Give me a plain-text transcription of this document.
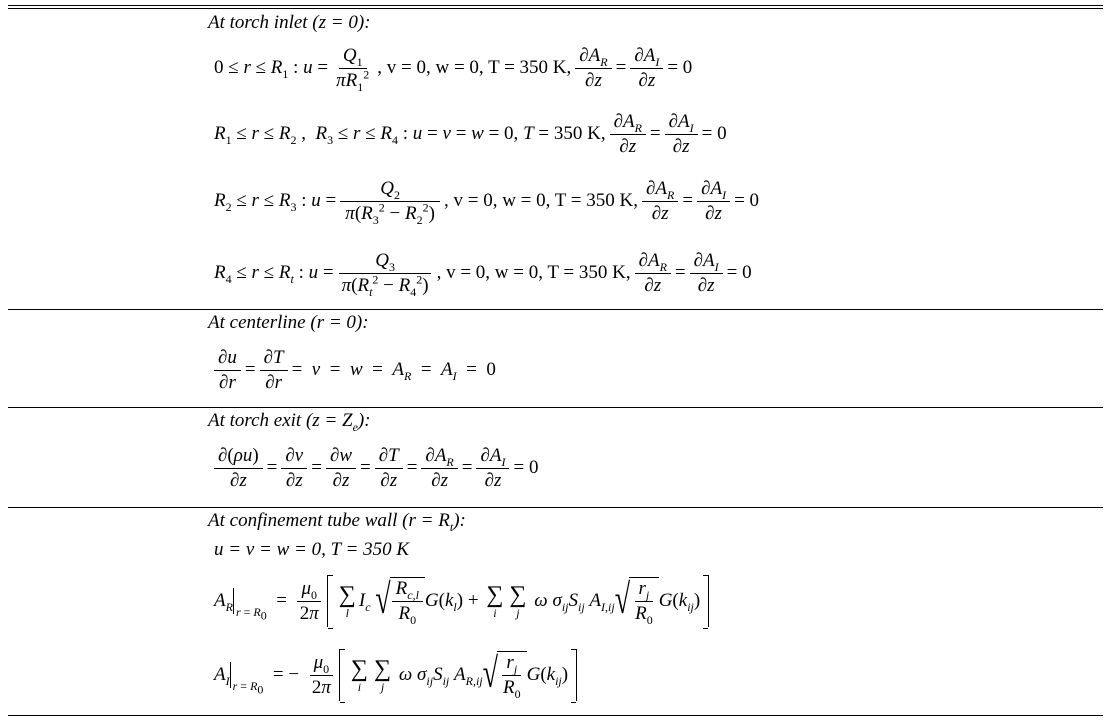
At torch inlet (z = 0):
$0 \le r \le R_1$ : $u = \frac{Q_1}{\pi R_1^2}$ , v = 0, w = 0, T = 350 K, $\frac{\partial A_R}{\partial z} = \frac{\partial A_I}{\partial z} = 0$
$R_1 \le r \le R_2$ ,  $R_3 \le r \le R_4$ : u = v = w = 0, T = 350 K, $\frac{\partial A_R}{\partial z} = \frac{\partial A_I}{\partial z} = 0$
$R_2 \le r \le R_3$ : $u = \frac{Q_2}{\pi(R_3^2 - R_2^2)}$ , v = 0, w = 0, T = 350 K, $\frac{\partial A_R}{\partial z} = \frac{\partial A_I}{\partial z} = 0$
$R_4 \le r \le R_t$ : $u = \frac{Q_3}{\pi(R_t^2 - R_4^2)}$ , v = 0, w = 0, T = 350 K, $\frac{\partial A_R}{\partial z} = \frac{\partial A_I}{\partial z} = 0$
At centerline (r = 0):
$\frac{\partial u}{\partial r} = \frac{\partial T}{\partial r} = v = w = A_R = A_I = 0$
At torch exit $(z = Z_e)$:
$\frac{\partial(\rho u)}{\partial z} = \frac{\partial v}{\partial z} = \frac{\partial w}{\partial z} = \frac{\partial T}{\partial z} = \frac{\partial A_R}{\partial z} = \frac{\partial A_I}{\partial z} = 0$
At confinement tube wall $(r = R_t)$:
u = v = w = 0, T = 350 K
$A_R$ $r = R_0$
= $\frac{\mu_0}{2\pi}$ ∑
l
$I_c$ √ $\frac{R_{c,l}}{R_0} G(k_l)$ + ∑
i
∑
j
ω $\sigma_{ij}S_{ij}$ $A_{I,ij}$ √ $\frac{r_j}{R_0} G(k_{ij})$
$A_I$ $r = R_0$
= − $\frac{\mu_0}{2\pi}$ ∑
i
∑
j
ω $\sigma_{ij}S_{ij}$ $A_{R,ij}$ √ $\frac{r_j}{R_0} G(k_{ij})$
